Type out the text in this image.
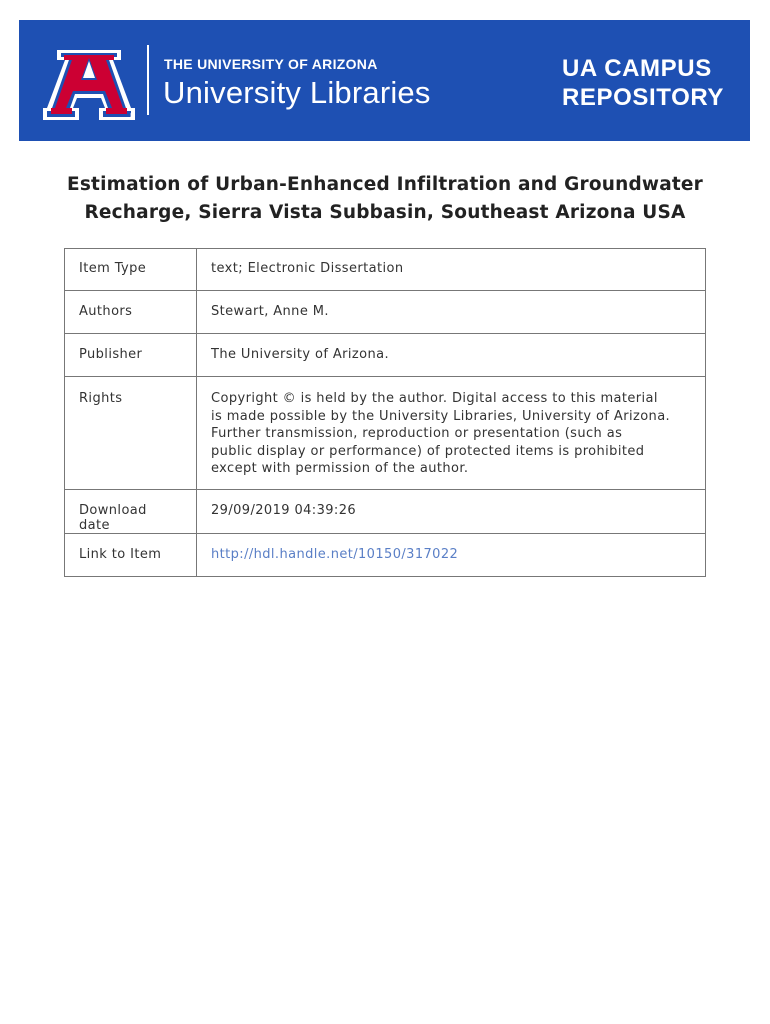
®
THE UNIVERSITY OF ARIZONA
University Libraries
UA CAMPUS
REPOSITORY
Estimation of Urban-Enhanced Infiltration and Groundwater
Recharge, Sierra Vista Subbasin, Southeast Arizona USA
Item Type	text; Electronic Dissertation
Authors	Stewart, Anne M.
Publisher	The University of Arizona.
Rights	Copyright © is held by the author. Digital access to this material
is made possible by the University Libraries, University of Arizona.
Further transmission, reproduction or presentation (such as
public display or performance) of protected items is prohibited
except with permission of the author.

Download date	29/09/2019 04:39:26
Link to Item	http://hdl.handle.net/10150/317022
